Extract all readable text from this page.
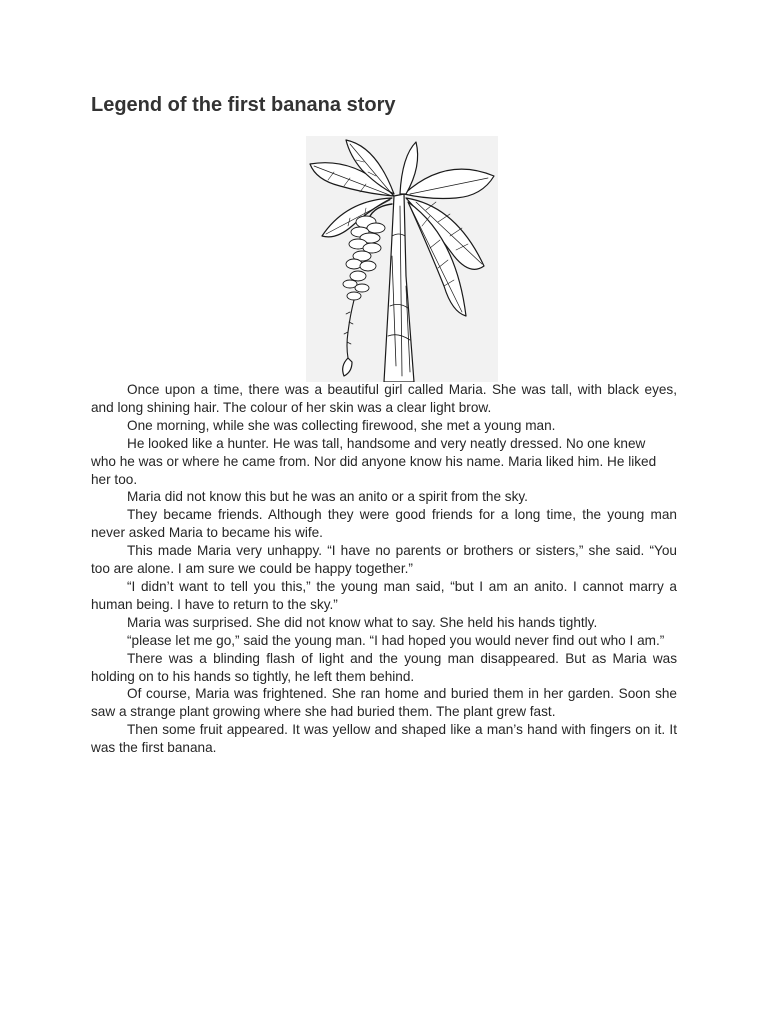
Legend of the first banana story

Once upon a time, there was a beautiful girl called Maria. She was tall, with black eyes, and long shining hair. The colour of her skin was a clear light brow.

One morning, while she was collecting firewood, she met a young man.

He looked like a hunter. He was tall, handsome and very neatly dressed. No one knew

who he was or where he came from. Nor did anyone know his name. Maria liked him. He liked her too.

Maria did not know this but he was an anito or a spirit from the sky.

They became friends. Although they were good friends for a long time, the young man never asked Maria to became his wife.

This made Maria very unhappy. “I have no parents or brothers or sisters,” she said. “You too are alone. I am sure we could be happy together.”

“I didn’t want to tell you this,” the young man said, “but I am an anito. I cannot marry a human being. I have to return to the sky.”

Maria was surprised. She did not know what to say. She held his hands tightly.

“please let me go,” said the young man. “I had hoped you would never find out who I am.”

There was a blinding flash of light and the young man disappeared. But as Maria was holding on to his hands so tightly, he left them behind.

Of course, Maria was frightened. She ran home and buried them in her garden. Soon she saw a strange plant growing where she had buried them. The plant grew fast.

Then some fruit appeared. It was yellow and shaped like a man’s hand with fingers on it. It was the first banana.
